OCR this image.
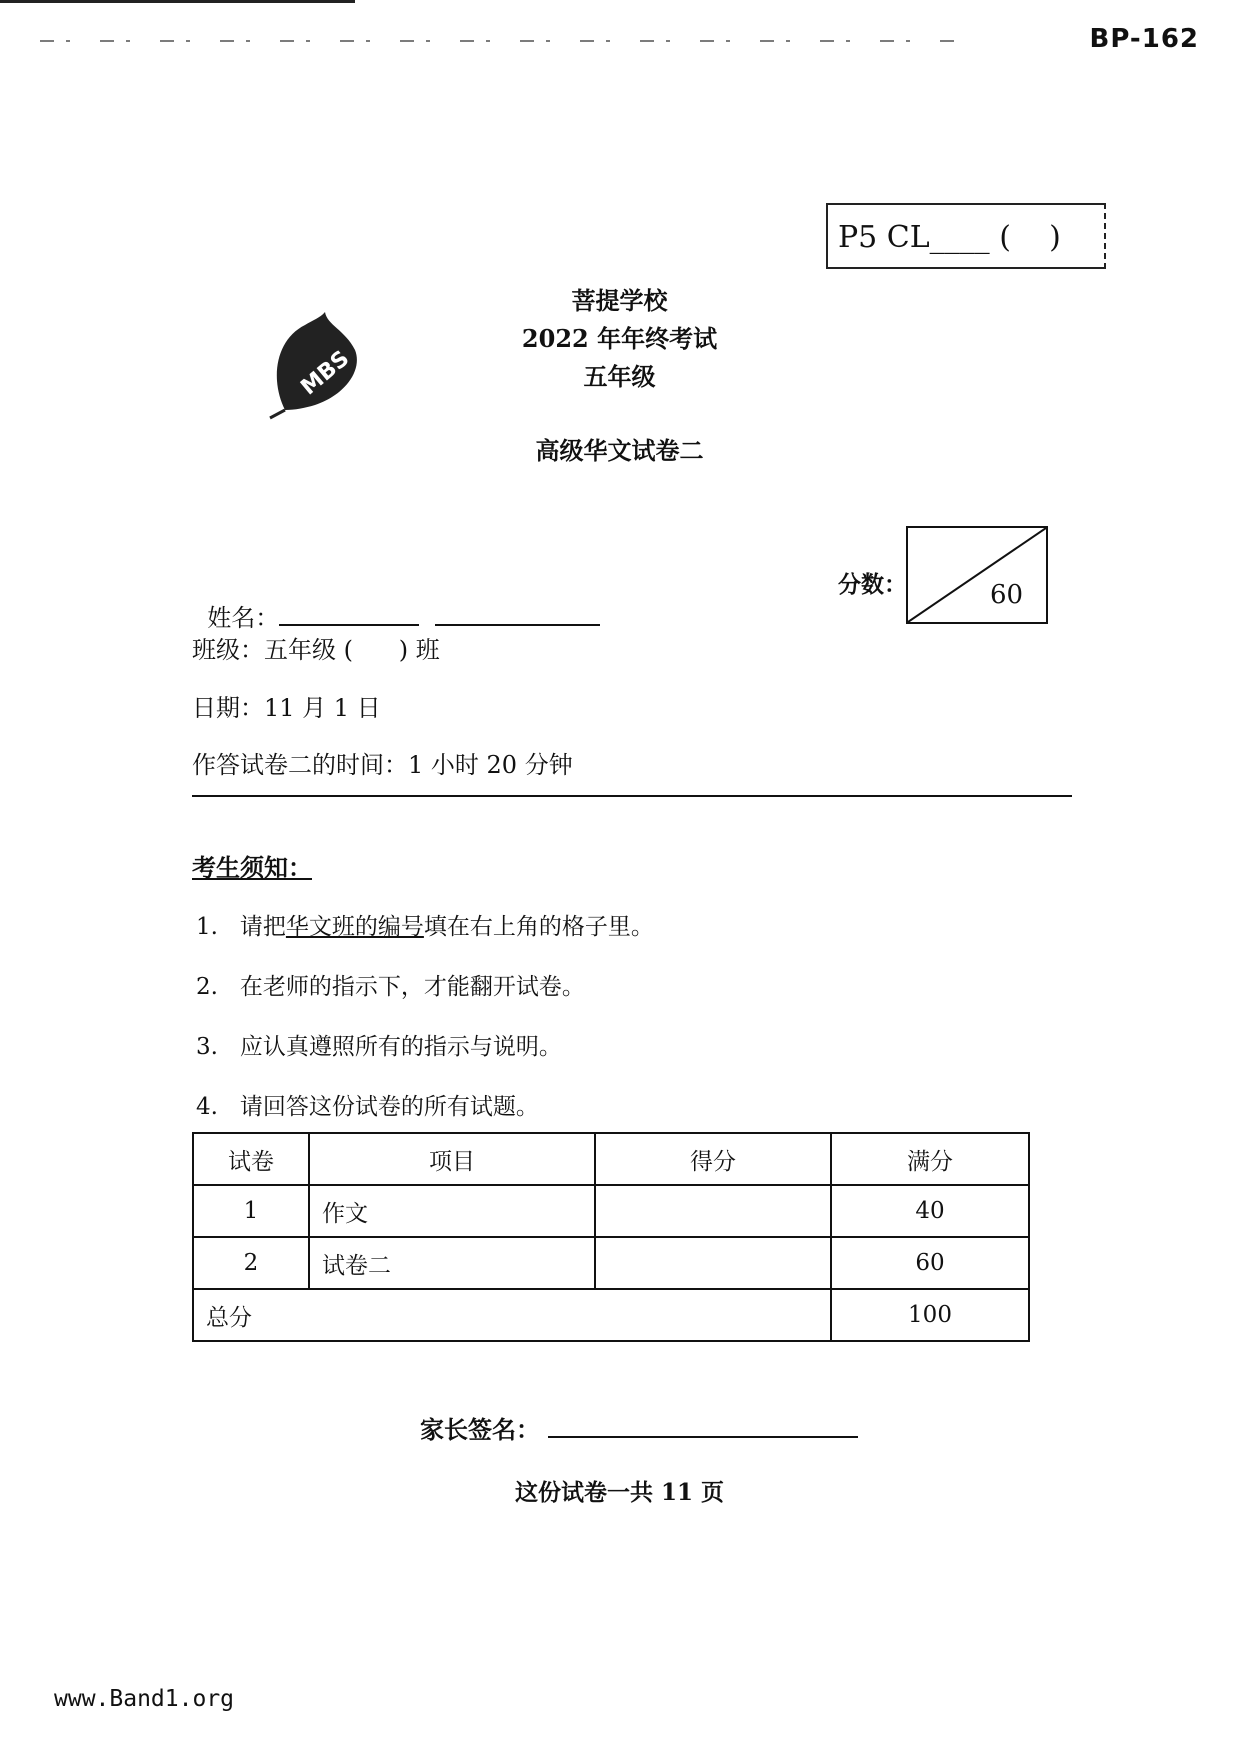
BP-162
P5 CL____ (    )
MBS
菩提学校
2022 年年终考试
五年级
高级华文试卷二

姓名：

班级：五年级 (      ) 班
日期：11 月 1 日
作答试卷二的时间：1 小时 20 分钟
分数：	60
考生须知：
1. 请把华文班的编号填在右上角的格子里。
2. 在老师的指示下，才能翻开试卷。
3. 应认真遵照所有的指示与说明。
4. 请回答这份试卷的所有试题。
试卷	项目	得分	满分
1	作文		40
2	试卷二		60
总分			100
家长签名：
这份试卷一共 11 页
www.Band1.org
